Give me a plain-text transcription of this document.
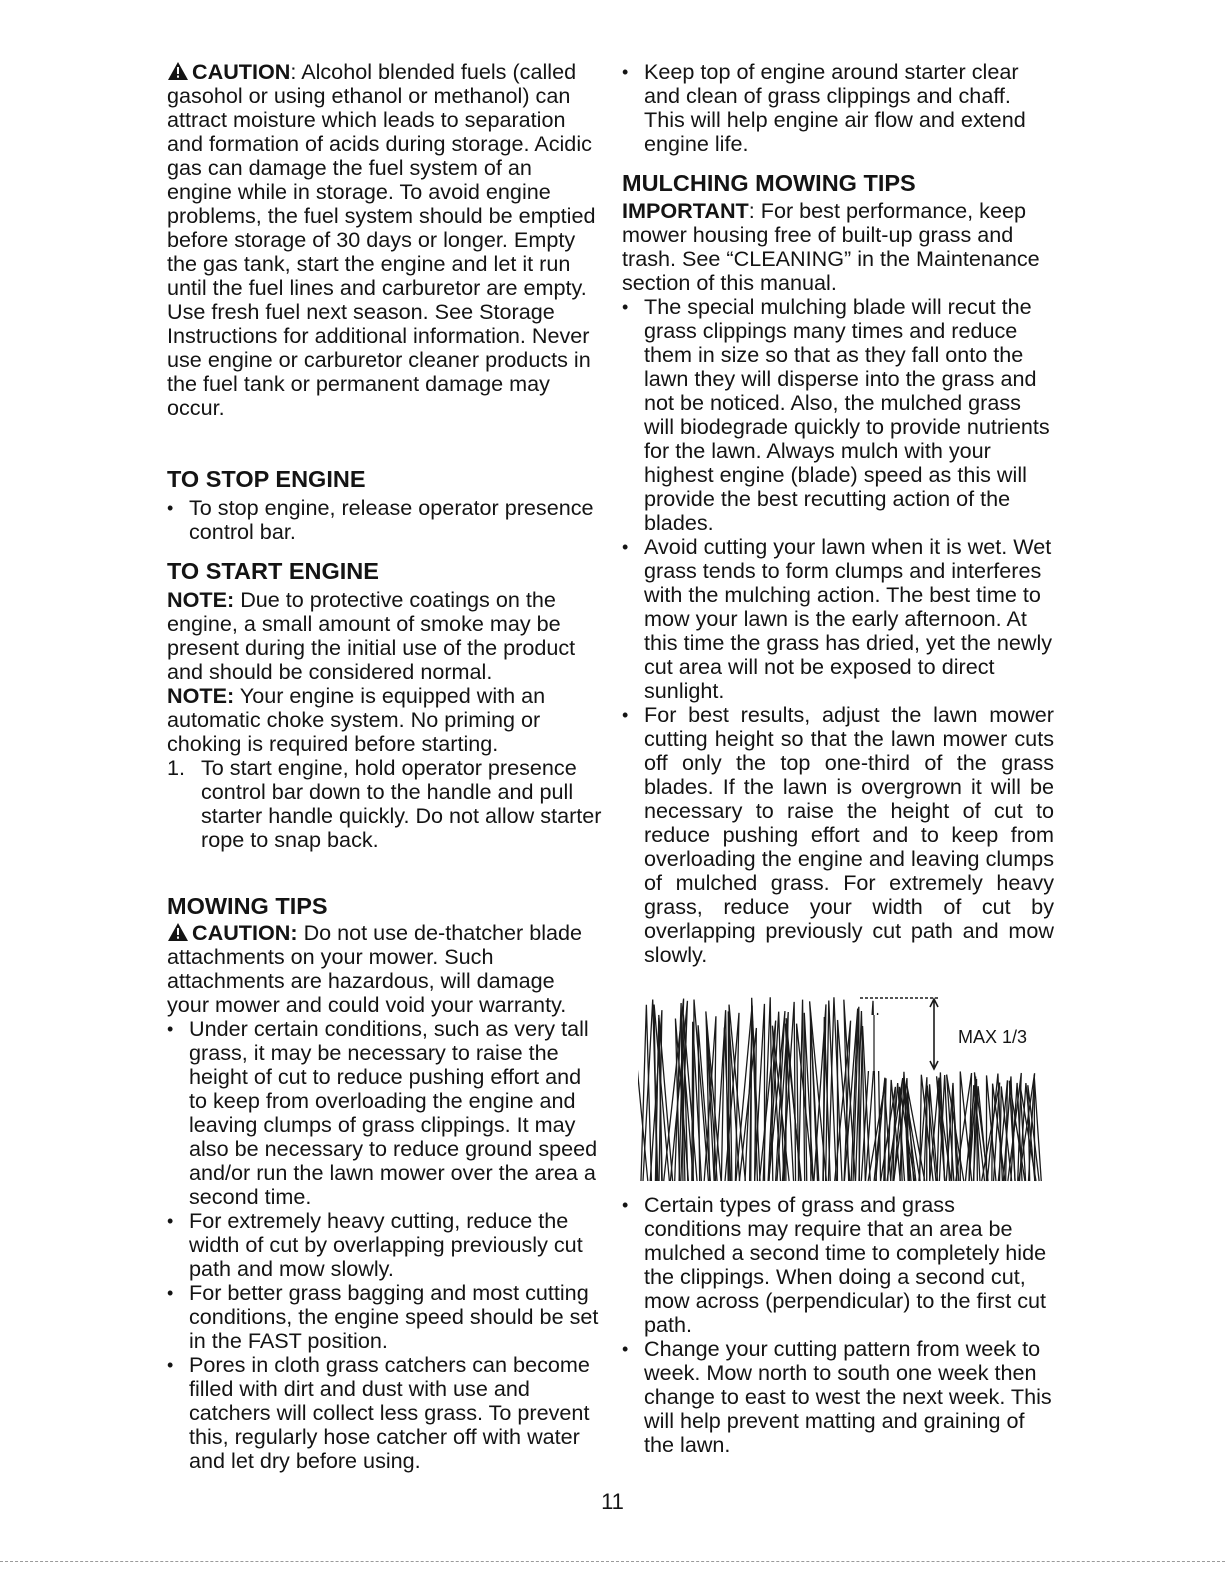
CAUTION: Alcohol blended fuels (called gasohol or using ethanol or methanol) can attract moisture which leads to separation and formation of acids during storage. Acidic gas can damage the fuel system of an engine while in storage. To avoid engine problems, the fuel system should be emptied before storage of 30 days or longer. Empty the gas tank, start the engine and let it run until the fuel lines and carburetor are empty. Use fresh fuel next season. See Storage Instructions for additional information. Never use engine or carburetor cleaner products in the fuel tank or permanent damage may occur.

TO STOP ENGINE
• To stop engine, release operator presence control bar.
TO START ENGINE

NOTE: Due to protective coatings on the engine, a small amount of smoke may be present during the initial use of the product and should be considered normal.

NOTE: Your engine is equipped with an automatic choke system. No priming or choking is required before starting.

1. To start engine, hold operator presence control bar down to the handle and pull starter handle quickly. Do not allow starter rope to snap back.
MOWING TIPS

CAUTION: Do not use de-thatcher blade attachments on your mower. Such attachments are hazardous, will damage your mower and could void your warranty.

• Under certain conditions, such as very tall grass, it may be necessary to raise the height of cut to reduce pushing effort and to keep from overloading the engine and leaving clumps of grass clippings. It may also be necessary to reduce ground speed and/or run the lawn mower over the area a second time.
• For extremely heavy cutting, reduce the width of cut by overlapping previously cut path and mow slowly.
• For better grass bagging and most cutting conditions, the engine speed should be set in the FAST position.
• Pores in cloth grass catchers can become filled with dirt and dust with use and catchers will collect less grass. To prevent this, regularly hose catcher off with water and let dry before using.
• Keep top of engine around starter clear and clean of grass clippings and chaff. This will help engine air flow and extend engine life.
MULCHING MOWING TIPS

IMPORTANT: For best performance, keep mower housing free of built-up grass and trash. See “CLEANING” in the Maintenance section of this manual.

• The special mulching blade will recut the grass clippings many times and reduce them in size so that as they fall onto the lawn they will disperse into the grass and not be noticed. Also, the mulched grass will biodegrade quickly to provide nutrients for the lawn. Always mulch with your highest engine (blade) speed as this will provide the best recutting action of the blades.
• Avoid cutting your lawn when it is wet. Wet grass tends to form clumps and interferes with the mulching action. The best time to mow your lawn is the early afternoon. At this time the grass has dried, yet the newly cut area will not be exposed to direct sunlight.
• For best results, adjust the lawn mower cutting height so that the lawn mower cuts off only the top one-third of the grass blades. If the lawn is overgrown it will be necessary to raise the height of cut to reduce pushing effort and to keep from overloading the engine and leaving clumps of mulched grass. For extremely heavy grass, reduce your width of cut by overlapping previously cut path and mow slowly.
MAX 1/3
• Certain types of grass and grass conditions may require that an area be mulched a second time to completely hide the clippings. When doing a second cut, mow across (perpendicular) to the first cut path.
• Change your cutting pattern from week to week. Mow north to south one week then change to east to west the next week. This will help prevent matting and graining of the lawn.
11
